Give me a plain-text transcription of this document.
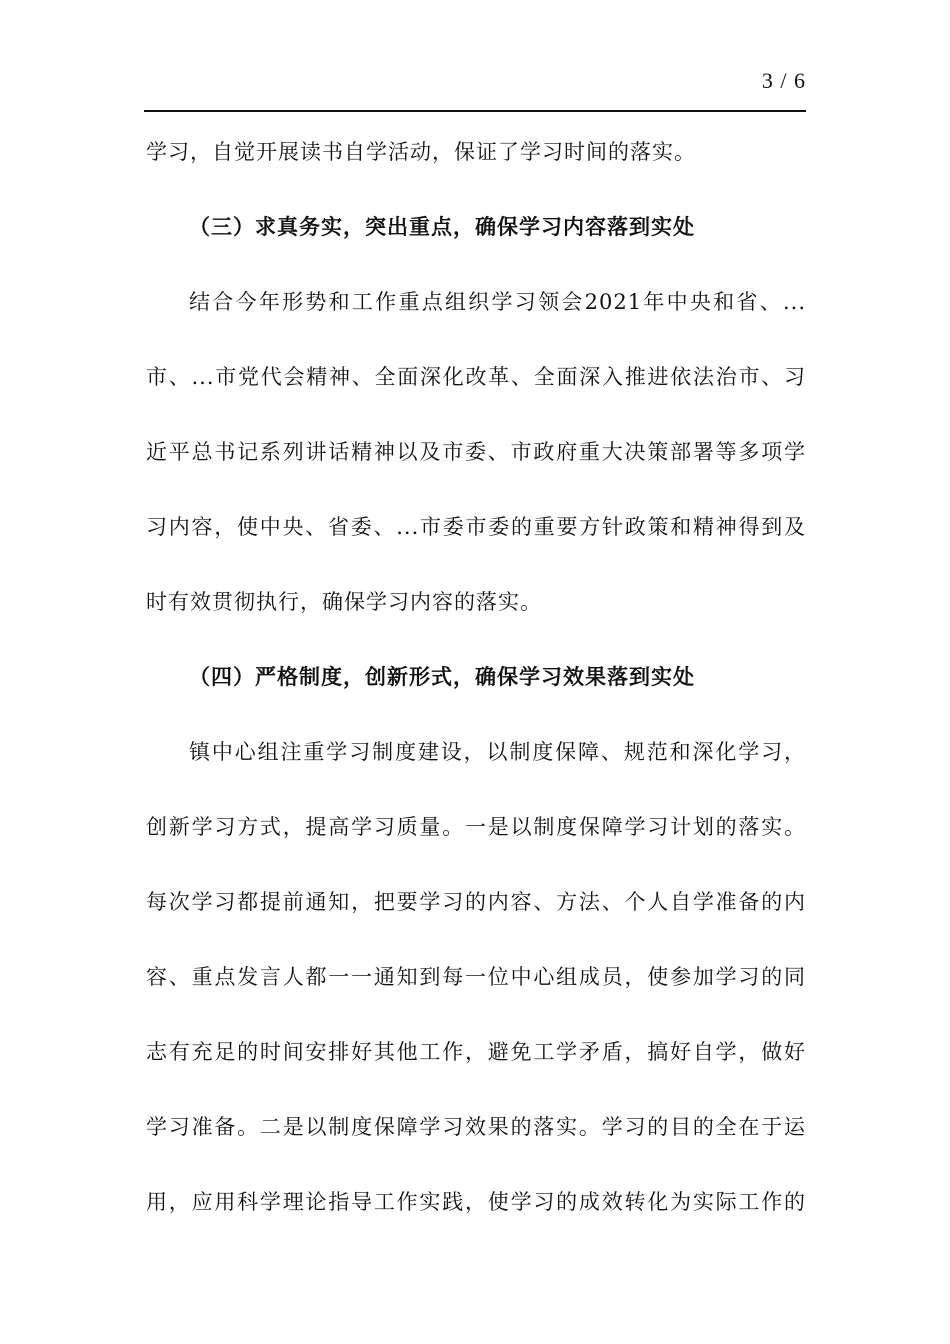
3 / 6
学习，自觉开展读书自学活动，保证了学习时间的落实。
（三）求真务实，突出重点，确保学习内容落到实处
结合今年形势和工作重点组织学习领会2021年中央和省、...
市、...市党代会精神、全面深化改革、全面深入推进依法治市、习
近平总书记系列讲话精神以及市委、市政府重大决策部署等多项学
习内容，使中央、省委、...市委市委的重要方针政策和精神得到及
时有效贯彻执行，确保学习内容的落实。
（四）严格制度，创新形式，确保学习效果落到实处
镇中心组注重学习制度建设，以制度保障、规范和深化学习，
创新学习方式，提高学习质量。一是以制度保障学习计划的落实。
每次学习都提前通知，把要学习的内容、方法、个人自学准备的内
容、重点发言人都一一通知到每一位中心组成员，使参加学习的同
志有充足的时间安排好其他工作，避免工学矛盾，搞好自学，做好
学习准备。二是以制度保障学习效果的落实。学习的目的全在于运
用，应用科学理论指导工作实践，使学习的成效转化为实际工作的
